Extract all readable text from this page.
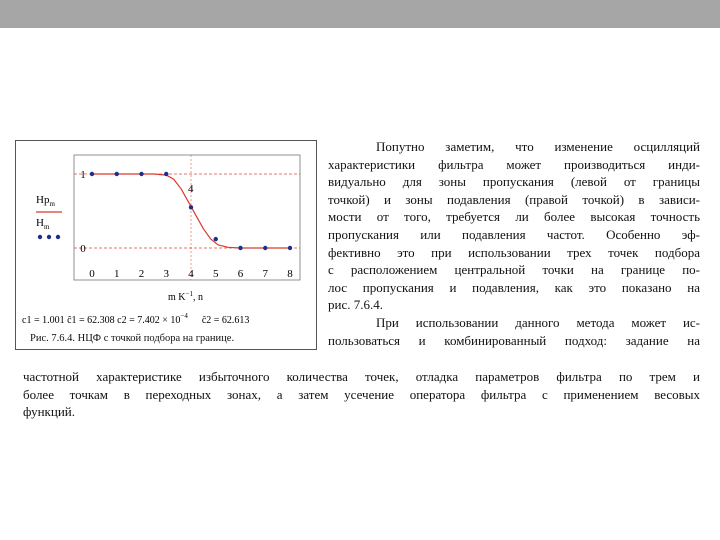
$Hp_m$
$H_m$
0 1 2 3 4 5 6 7 8
0
1
4
m $K^{-1}$, n
c1 = 1.001 ĉ1 = 62.308 $c2 = 7.402 \times 10^{-4}$ ĉ2 = 62.613
Рис. 7.6.4. НЦФ с точкой подбора на границе.

Попутно заметим, что изменение осцилляций
характеристики фильтра может производиться инди-
видуально для зоны пропускания (левой от границы
точкой) и зоны подавления (правой точкой) в зависи-
мости от того, требуется ли более высокая точность
пропускания или подавления частот. Особенно эф-
фективно это при использовании трех точек подбора
с расположением центральной точки на границе по-
лос пропускания и подавления, как это показано на
рис. 7.6.4.
При использовании данного метода может ис-
пользоваться и комбинированный подход: задание на

частотной характеристике избыточного количества точек, отладка параметров фильтра по трем и
более точкам в переходных зонах, а затем усечение оператора фильтра с применением весовых
функций.
